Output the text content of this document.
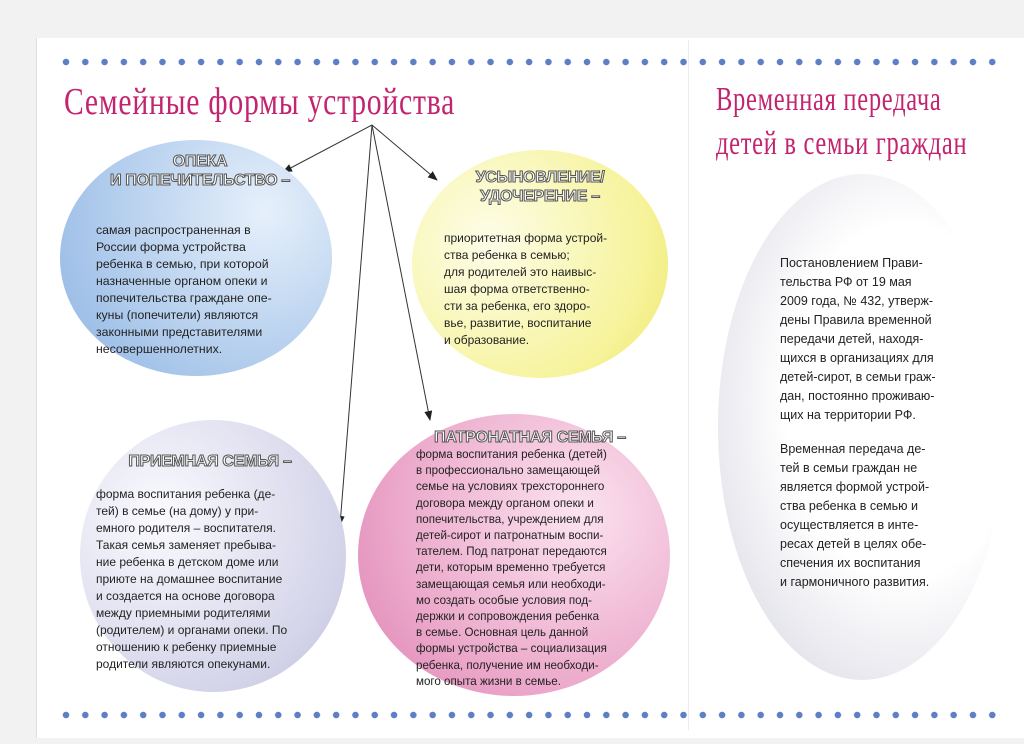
Семейные формы устройства	Временная передача
детей в семьи граждан
ОПЕКА
И ПОПЕЧИТЕЛЬСТВО –
самая распространенная в
России форма устройства
ребенка в семью, при которой
назначенные органом опеки и
попечительства граждане опе-
куны (попечители) являются
законными представителями
несовершеннолетних.
УСЫНОВЛЕНИЕ/
УДОЧЕРЕНИЕ –
приоритетная форма устрой-
ства ребенка в семью;
для родителей это наивыс-
шая форма ответственно-
сти за ребенка, его здоро-
вье, развитие, воспитание
и образование.
ПРИЕМНАЯ СЕМЬЯ –
форма воспитания ребенка (де-
тей) в семье (на дому) у при-
емного родителя – воспитателя.
Такая семья заменяет пребыва-
ние ребенка в детском доме или
приюте на домашнее воспитание
и создается на основе договора
между приемными родителями
(родителем) и органами опеки. По
отношению к ребенку приемные
родители являются опекунами.
ПАТРОНАТНАЯ СЕМЬЯ –
форма воспитания ребенка (детей)
в профессионально замещающей
семье на условиях трехстороннего
договора между органом опеки и
попечительства, учреждением для
детей-сирот и патронатным воспи-
тателем. Под патронат передаются
дети, которым временно требуется
замещающая семья или необходи-
мо создать особые условия под-
держки и сопровождения ребенка
в семье. Основная цель данной
формы устройства – социализация
ребенка, получение им необходи-
мого опыта жизни в семье.
Постановлением Прави-
тельства РФ от 19 мая
2009 года, № 432, утверж-
дены Правила временной
передачи детей, находя-
щихся в организациях для
детей-сирот, в семьи граж-
дан, постоянно проживаю-
щих на территории РФ.
Временная передача де-
тей в семьи граждан не
является формой устрой-
ства ребенка в семью и
осуществляется в инте-
ресах детей в целях обе-
спечения их воспитания
и гармоничного развития.
